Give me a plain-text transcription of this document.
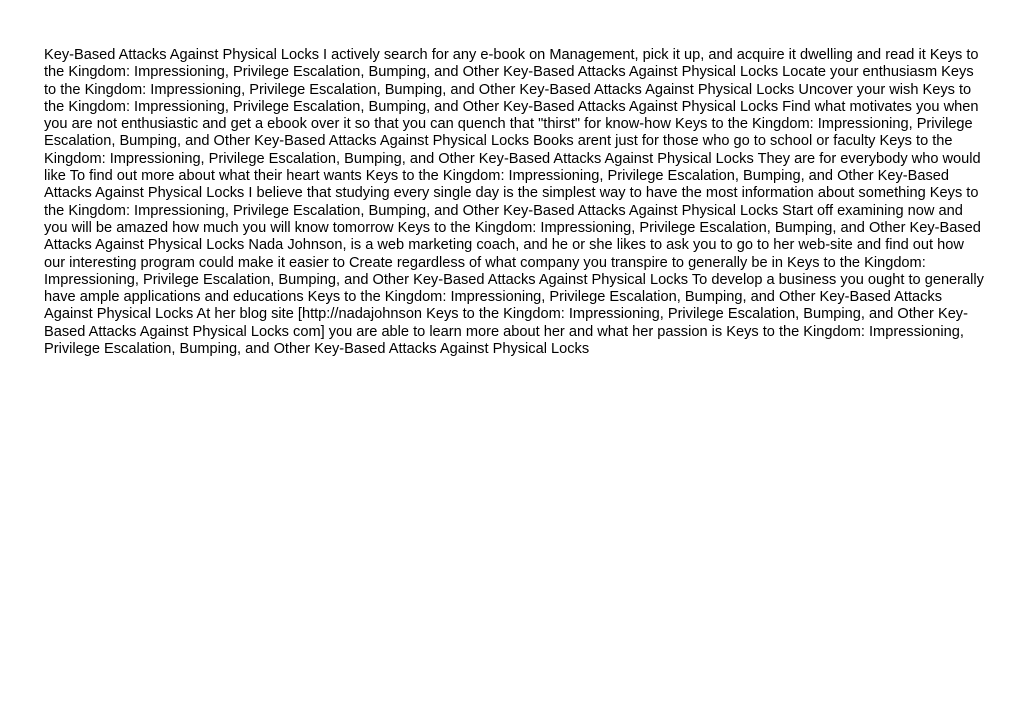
Key-Based Attacks Against Physical Locks I actively search for any e-book on Management, pick it up, and acquire it dwelling and read it Keys to the Kingdom: Impressioning, Privilege Escalation, Bumping, and Other Key-Based Attacks Against Physical Locks Locate your enthusiasm Keys to the Kingdom: Impressioning, Privilege Escalation, Bumping, and Other Key-Based Attacks Against Physical Locks Uncover your wish Keys to the Kingdom: Impressioning, Privilege Escalation, Bumping, and Other Key-Based Attacks Against Physical Locks Find what motivates you when you are not enthusiastic and get a ebook over it so that you can quench that "thirst" for know-how Keys to the Kingdom: Impressioning, Privilege Escalation, Bumping, and Other Key-Based Attacks Against Physical Locks Books arent just for those who go to school or faculty Keys to the Kingdom: Impressioning, Privilege Escalation, Bumping, and Other Key-Based Attacks Against Physical Locks They are for everybody who would like To find out more about what their heart wants Keys to the Kingdom: Impressioning, Privilege Escalation, Bumping, and Other Key-Based Attacks Against Physical Locks I believe that studying every single day is the simplest way to have the most information about something Keys to the Kingdom: Impressioning, Privilege Escalation, Bumping, and Other Key-Based Attacks Against Physical Locks Start off examining now and you will be amazed how much you will know tomorrow Keys to the Kingdom: Impressioning, Privilege Escalation, Bumping, and Other Key-Based Attacks Against Physical Locks Nada Johnson, is a web marketing coach, and he or she likes to ask you to go to her web-site and find out how our interesting program could make it easier to Create regardless of what company you transpire to generally be in Keys to the Kingdom: Impressioning, Privilege Escalation, Bumping, and Other Key-Based Attacks Against Physical Locks To develop a business you ought to generally have ample applications and educations Keys to the Kingdom: Impressioning, Privilege Escalation, Bumping, and Other Key-Based Attacks Against Physical Locks At her blog site [http://nadajohnson Keys to the Kingdom: Impressioning, Privilege Escalation, Bumping, and Other Key-Based Attacks Against Physical Locks com] you are able to learn more about her and what her passion is Keys to the Kingdom: Impressioning, Privilege Escalation, Bumping, and Other Key-Based Attacks Against Physical Locks
